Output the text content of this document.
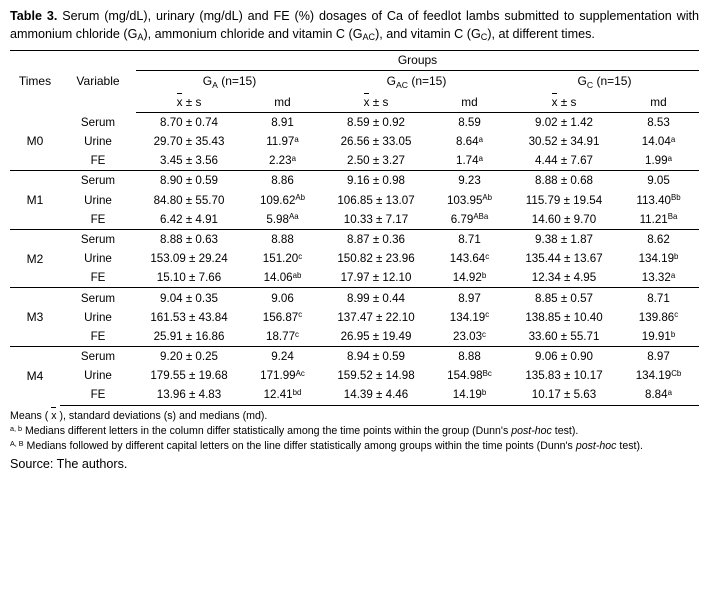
Table 3. Serum (mg/dL), urinary (mg/dL) and FE (%) dosages of Ca of feedlot lambs submitted to supplementation with ammonium chloride $(G_A)$, ammonium chloride and vitamin C $(G_{AC})$, and vitamin C $(G_C)$, at different times.

		Groups					
Times	Variable	$G_A$ (n=15)		$G_{AC}$ (n=15)		$G_C$ (n=15)	
		x ± s	md	x ± s	md	x ± s	md
M0	Serum	8.70 ± 0.74	8.91	8.59 ± 0.92	8.59	9.02 ± 1.42	8.53
	Urine	29.70 ± 35.43	11.97$^a$	26.56 ± 33.05	8.64$^a$	30.52 ± 34.91	14.04$^a$
	FE	3.45 ± 3.56	2.23$^a$	2.50 ± 3.27	1.74$^a$	4.44 ± 7.67	1.99$^a$
M1	Serum	8.90 ± 0.59	8.86	9.16 ± 0.98	9.23	8.88 ± 0.68	9.05
	Urine	84.80 ± 55.70	$109.62^{Ab}$	106.85 ± 13.07	$103.95^{Ab}$	115.79 ± 19.54	$113.40^{Bb}$
	FE	6.42 ± 4.91	$5.98^{Aa}$	10.33 ± 7.17	$6.79^{ABa}$	14.60 ± 9.70	$11.21^{Ba}$
M2	Serum	8.88 ± 0.63	8.88	8.87 ± 0.36	8.71	9.38 ± 1.87	8.62
	Urine	153.09 ± 29.24	151.20$^c$	150.82 ± 23.96	143.64$^c$	135.44 ± 13.67	134.19$^b$
	FE	15.10 ± 7.66	14.06$^{ab}$	17.97 ± 12.10	14.92$^b$	12.34 ± 4.95	13.32$^a$
M3	Serum	9.04 ± 0.35	9.06	8.99 ± 0.44	8.97	8.85 ± 0.57	8.71
	Urine	161.53 ± 43.84	156.87$^c$	137.47 ± 22.10	134.19$^c$	138.85 ± 10.40	139.86$^c$
	FE	25.91 ± 16.86	18.77$^c$	26.95 ± 19.49	23.03$^c$	33.60 ± 55.71	19.91$^b$
M4	Serum	9.20 ± 0.25	9.24	8.94 ± 0.59	8.88	9.06 ± 0.90	8.97
	Urine	179.55 ± 19.68	$171.99^{Ac}$	159.52 ± 14.98	$154.98^{Bc}$	135.83 ± 10.17	$134.19^{Cb}$
	FE	13.96 ± 4.83	12.41$^{bd}$	14.39 ± 4.46	14.19$^b$	10.17 ± 5.63	8.84$^a$

Means ( x ), standard deviations (s) and medians (md).

$^{a, b}$ Medians different letters in the column differ statistically among the time points within the group (Dunn's post-hoc test).

$^{A, B}$ Medians followed by different capital letters on the line differ statistically among groups within the time points (Dunn's post-hoc test).

Source: The authors.
